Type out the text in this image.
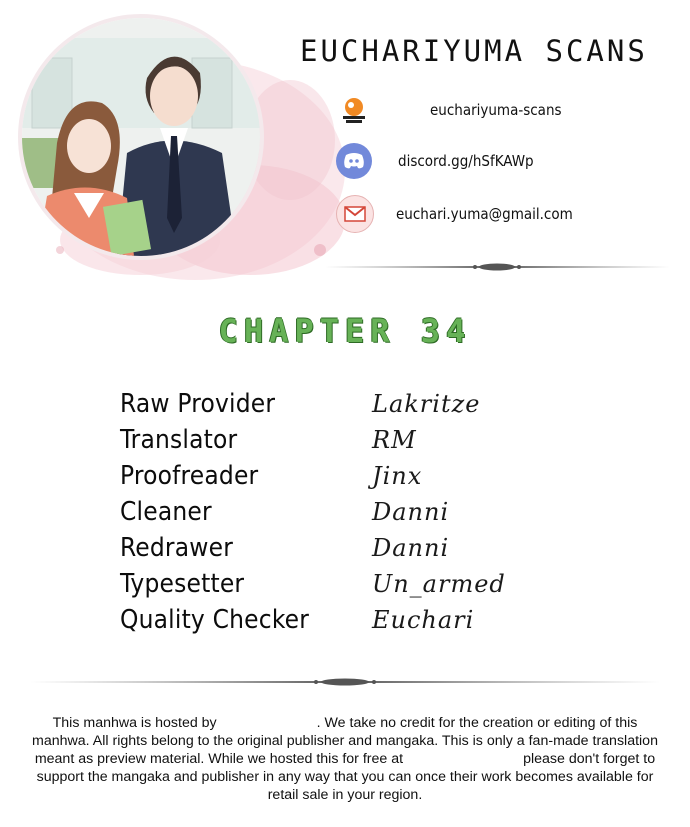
EUCHARIYUMA SCANS
euchariyuma-scans
discord.gg/hSfKAWp
euchari.yuma@gmail.com
CHAPTER 34
Raw Provider	Lakritze
Translator	RM
Proofreader	Jinx
Cleaner	Danni
Redrawer	Danni
Typesetter	Un_armed
Quality Checker	Euchari
This manhwa is hosted by	. We take no credit for the creation or editing of this manhwa. All rights belong to the original publisher and mangaka. This is only a fan-made translation meant as preview material. While we hosted this for free at	please don't forget to support the mangaka and publisher in any way that you can once their work becomes available for retail sale in your region.
